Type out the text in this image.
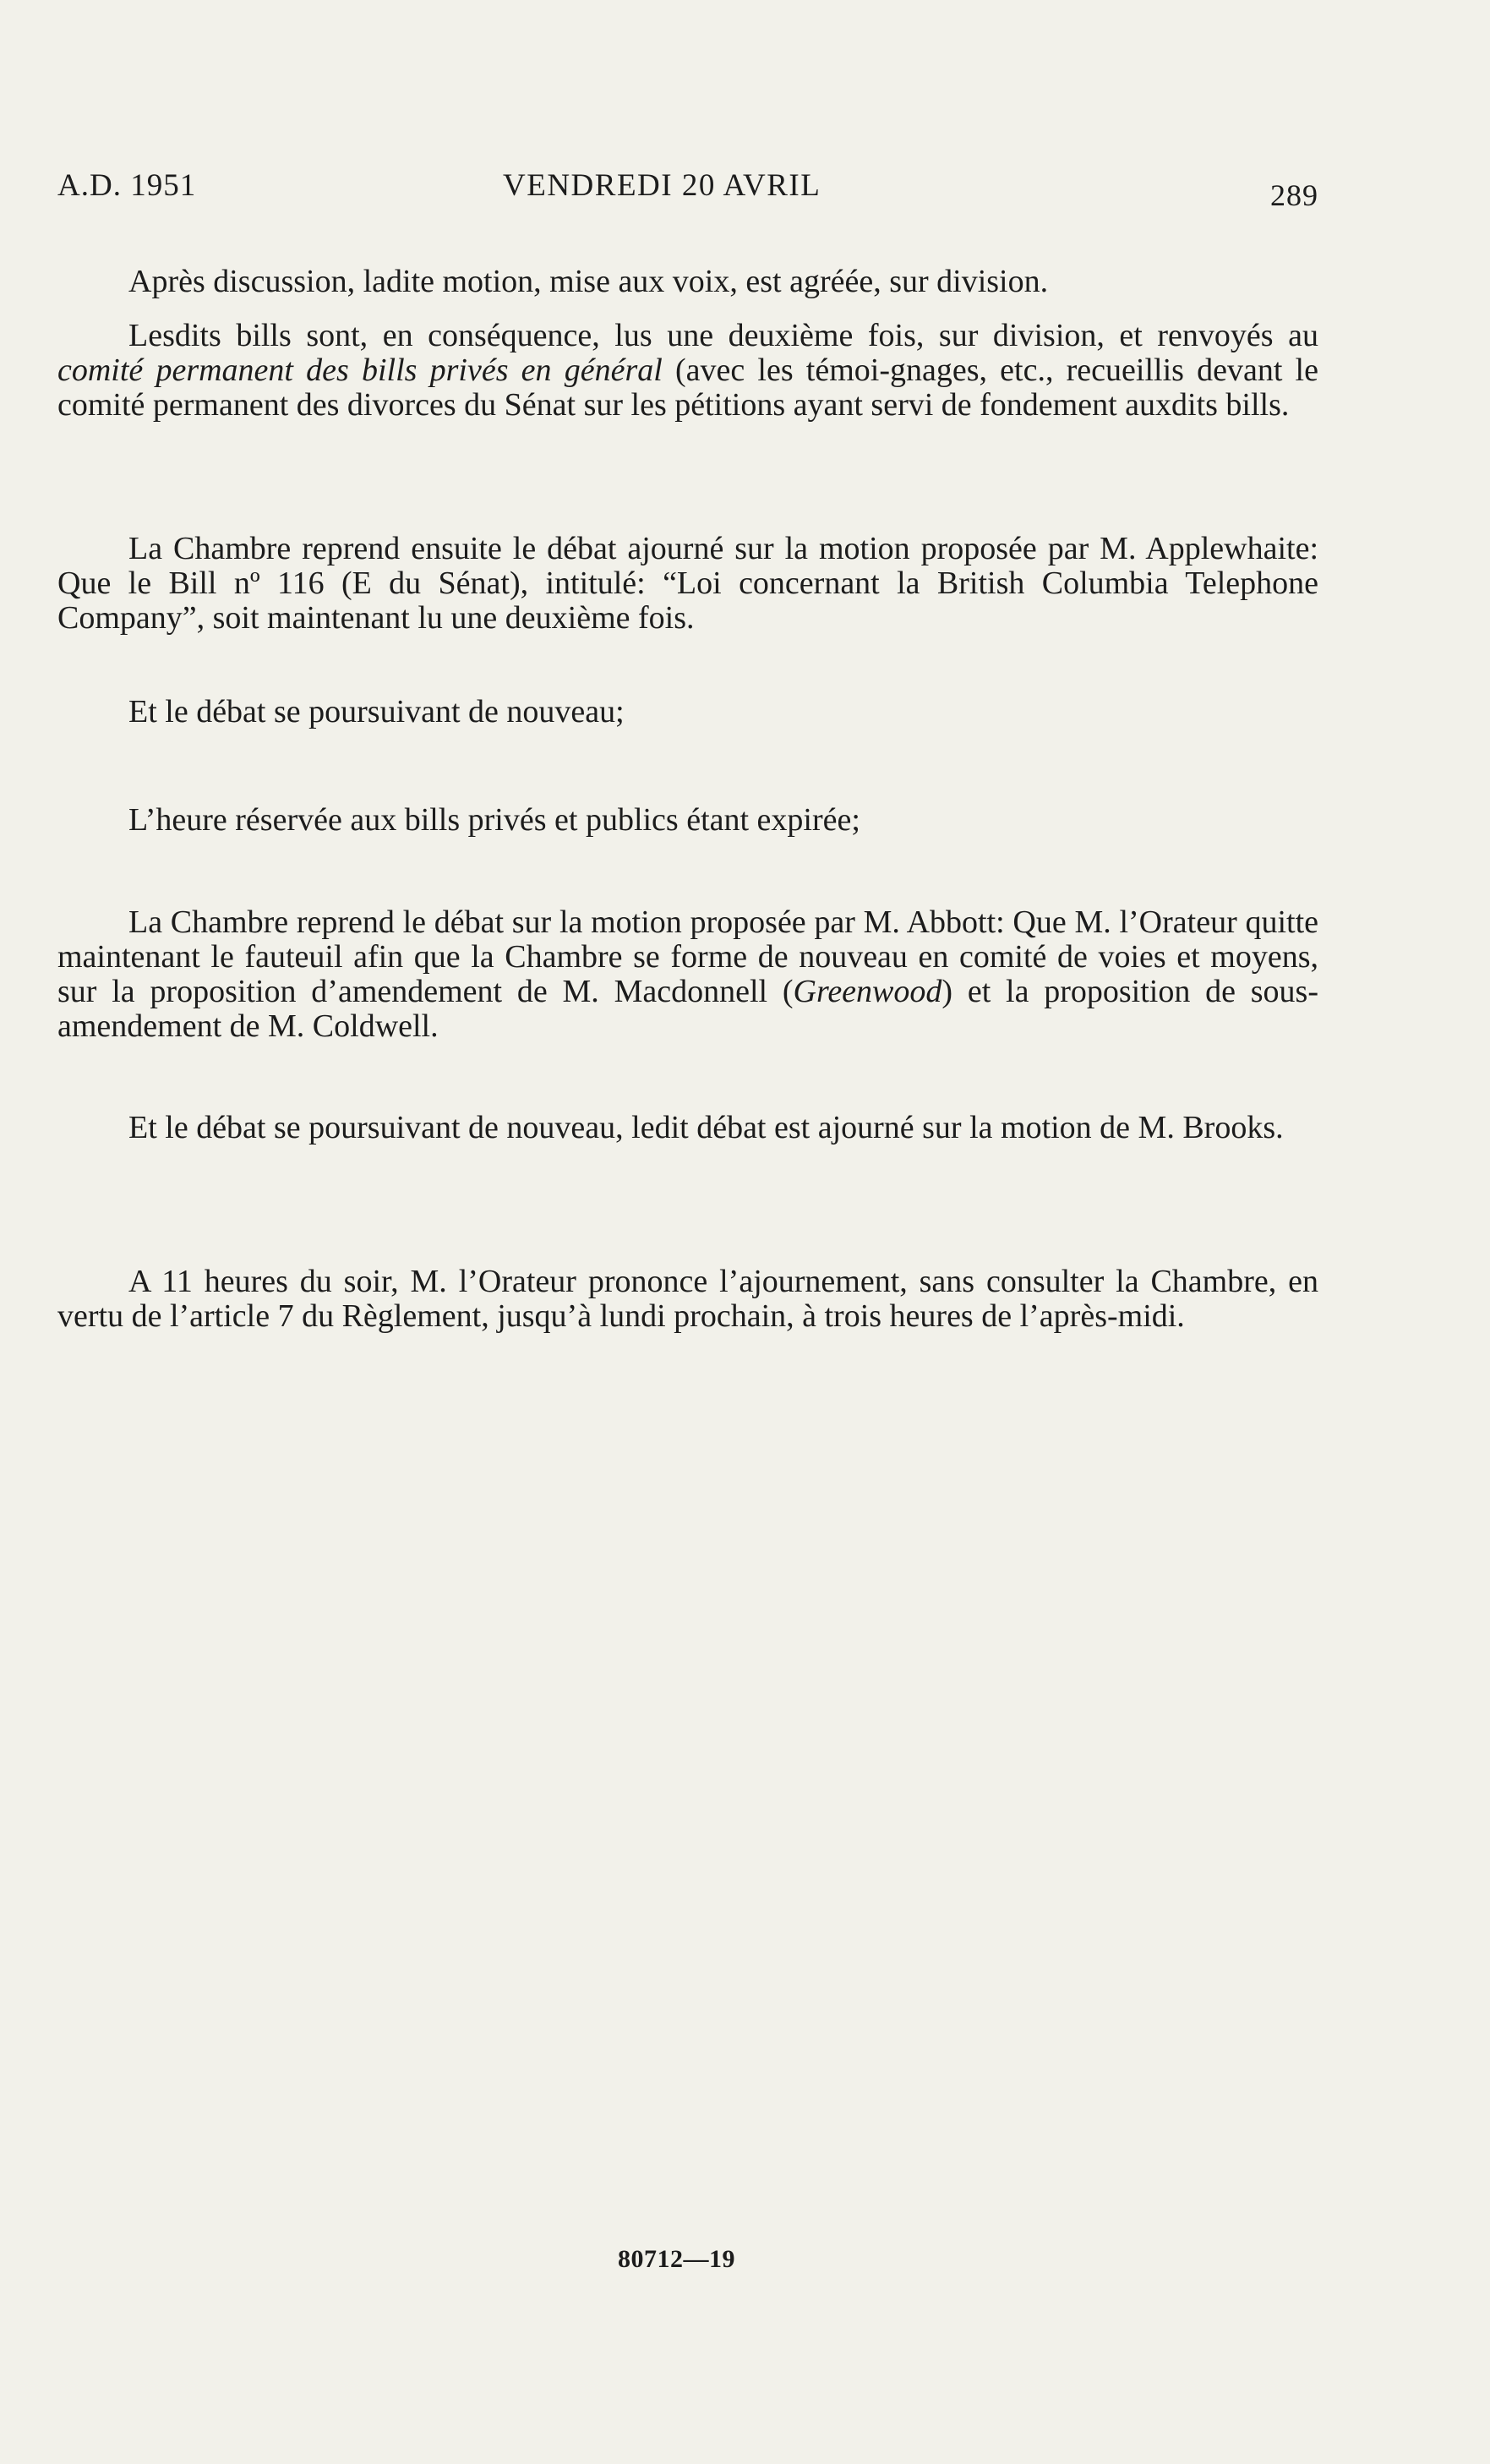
A.D. 1951	VENDREDI 20 AVRIL	289

Après discussion, ladite motion, mise aux voix, est agréée, sur division.

Lesdits bills sont, en conséquence, lus une deuxième fois, sur division, et renvoyés au comité permanent des bills privés en général (avec les témoi-gnages, etc., recueillis devant le comité permanent des divorces du Sénat sur les pétitions ayant servi de fondement auxdits bills.

La Chambre reprend ensuite le débat ajourné sur la motion proposée par M. Applewhaite: Que le Bill nº 116 (E du Sénat), intitulé: “Loi concernant la British Columbia Telephone Company”, soit maintenant lu une deuxième fois.

Et le débat se poursuivant de nouveau;

L’heure réservée aux bills privés et publics étant expirée;

La Chambre reprend le débat sur la motion proposée par M. Abbott: Que M. l’Orateur quitte maintenant le fauteuil afin que la Chambre se forme de nouveau en comité de voies et moyens, sur la proposition d’amendement de M. Macdonnell (Greenwood) et la proposition de sous-amendement de M. Coldwell.

Et le débat se poursuivant de nouveau, ledit débat est ajourné sur la motion de M. Brooks.

A 11 heures du soir, M. l’Orateur prononce l’ajournement, sans consulter la Chambre, en vertu de l’article 7 du Règlement, jusqu’à lundi prochain, à trois heures de l’après-midi.

80712—19
